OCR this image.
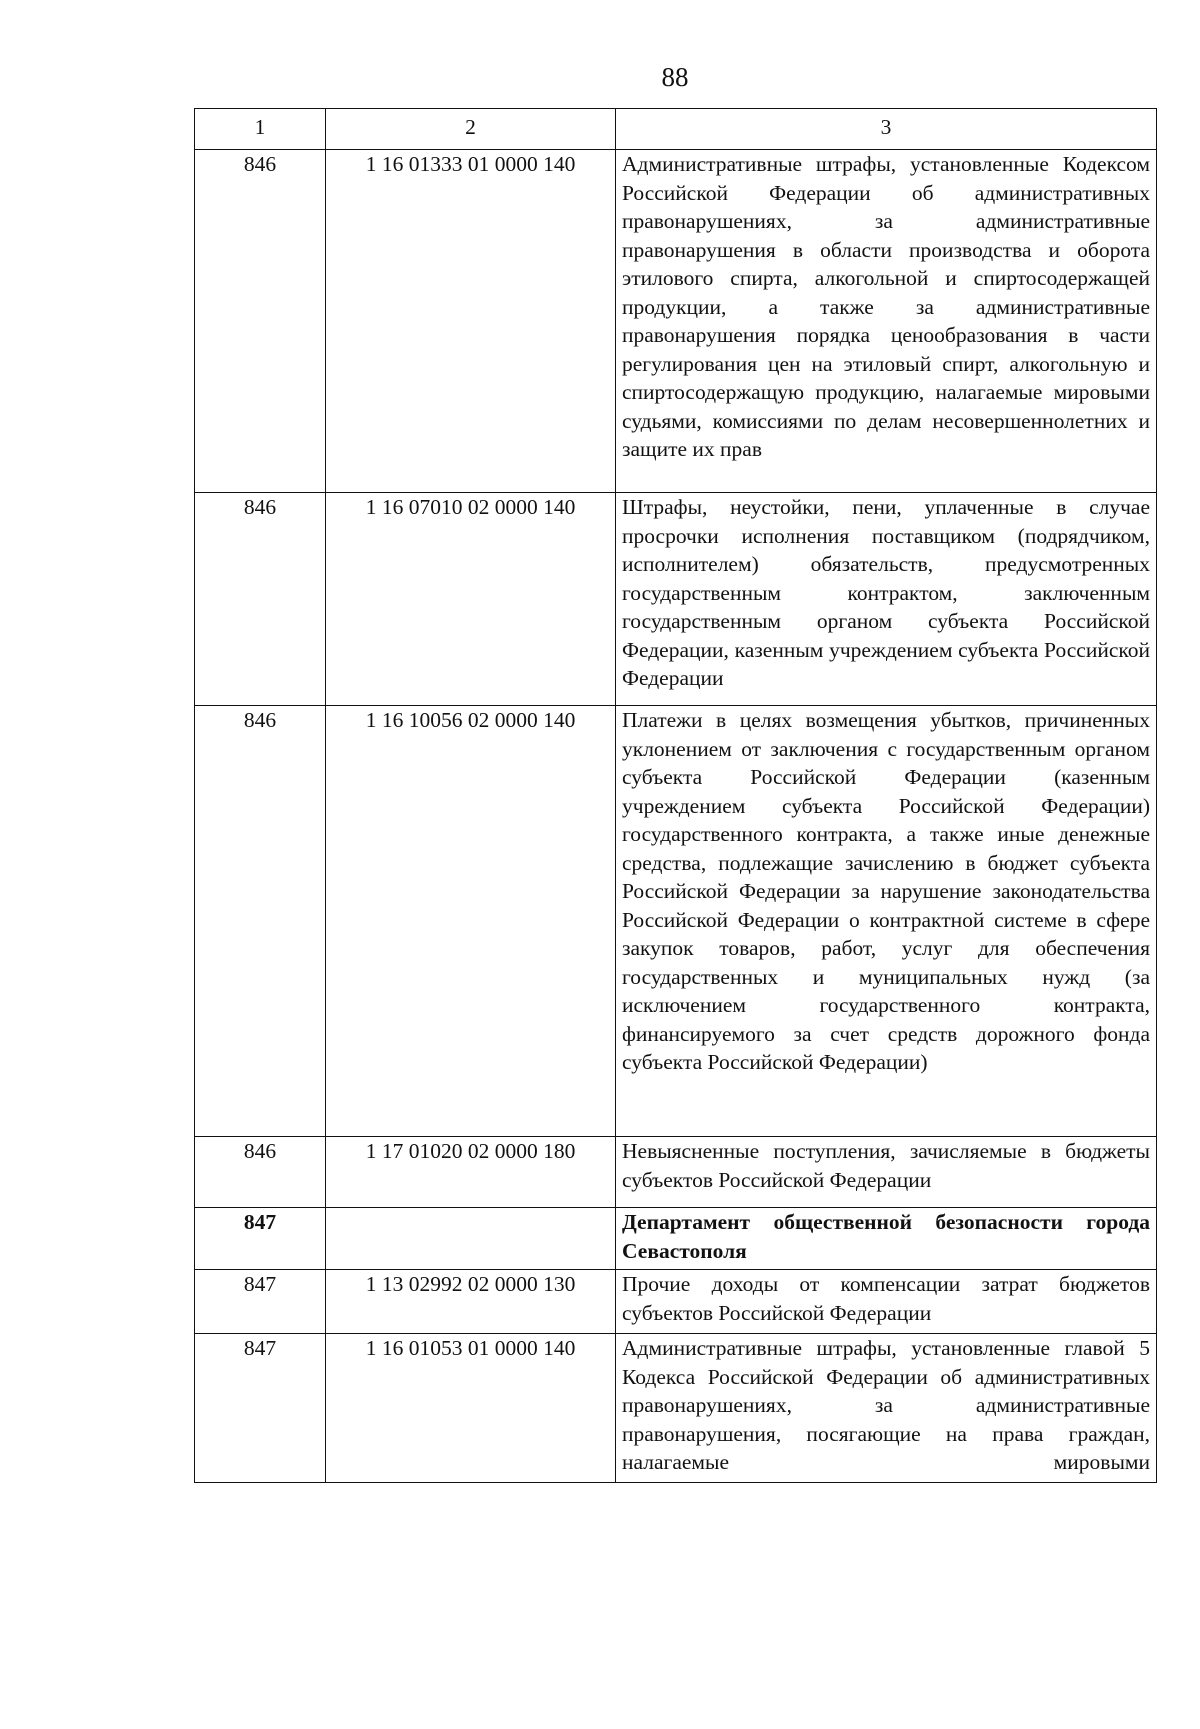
88
1	2	3
846	1 16 01333 01 0000 140	Административные штрафы, установленные Кодексом Российской Федерации об административных правонарушениях, за административные правонарушения в области производства и оборота этилового спирта, алкогольной и спиртосодержащей продукции, а также за административные правонарушения порядка ценообразования в части регулирования цен на этиловый спирт, алкогольную и спиртосодержащую продукцию, налагаемые мировыми судьями, комиссиями по делам несовершеннолетних и защите их прав
846	1 16 07010 02 0000 140	Штрафы, неустойки, пени, уплаченные в случае просрочки исполнения поставщиком (подрядчиком, исполнителем) обязательств, предусмотренных государственным контрактом, заключенным государственным органом субъекта Российской Федерации, казенным учреждением субъекта Российской Федерации
846	1 16 10056 02 0000 140	Платежи в целях возмещения убытков, причиненных уклонением от заключения с государственным органом субъекта Российской Федерации (казенным учреждением субъекта Российской Федерации) государственного контракта, а также иные денежные средства, подлежащие зачислению в бюджет субъекта Российской Федерации за нарушение законодательства Российской Федерации о контрактной системе в сфере закупок товаров, работ, услуг для обеспечения государственных и муниципальных нужд (за исключением государственного контракта, финансируемого за счет средств дорожного фонда субъекта Российской Федерации)
846	1 17 01020 02 0000 180	Невыясненные поступления, зачисляемые в бюджеты субъектов Российской Федерации
847		Департамент общественной безопасности города Севастополя
847	1 13 02992 02 0000 130	Прочие доходы от компенсации затрат бюджетов субъектов Российской Федерации
847	1 16 01053 01 0000 140	Административные штрафы, установленные главой 5 Кодекса Российской Федерации об административных правонарушениях, за административные правонарушения, посягающие на права граждан, налагаемые мировыми
